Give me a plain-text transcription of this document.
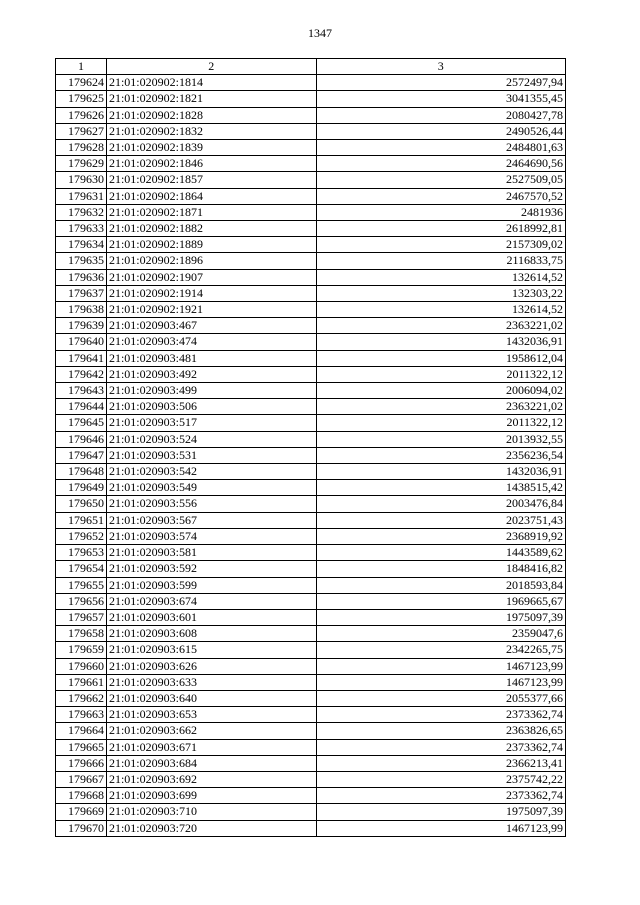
1347
1	2	3
179624	21:01:020902:1814	2572497,94
179625	21:01:020902:1821	3041355,45
179626	21:01:020902:1828	2080427,78
179627	21:01:020902:1832	2490526,44
179628	21:01:020902:1839	2484801,63
179629	21:01:020902:1846	2464690,56
179630	21:01:020902:1857	2527509,05
179631	21:01:020902:1864	2467570,52
179632	21:01:020902:1871	2481936
179633	21:01:020902:1882	2618992,81
179634	21:01:020902:1889	2157309,02
179635	21:01:020902:1896	2116833,75
179636	21:01:020902:1907	132614,52
179637	21:01:020902:1914	132303,22
179638	21:01:020902:1921	132614,52
179639	21:01:020903:467	2363221,02
179640	21:01:020903:474	1432036,91
179641	21:01:020903:481	1958612,04
179642	21:01:020903:492	2011322,12
179643	21:01:020903:499	2006094,02
179644	21:01:020903:506	2363221,02
179645	21:01:020903:517	2011322,12
179646	21:01:020903:524	2013932,55
179647	21:01:020903:531	2356236,54
179648	21:01:020903:542	1432036,91
179649	21:01:020903:549	1438515,42
179650	21:01:020903:556	2003476,84
179651	21:01:020903:567	2023751,43
179652	21:01:020903:574	2368919,92
179653	21:01:020903:581	1443589,62
179654	21:01:020903:592	1848416,82
179655	21:01:020903:599	2018593,84
179656	21:01:020903:674	1969665,67
179657	21:01:020903:601	1975097,39
179658	21:01:020903:608	2359047,6
179659	21:01:020903:615	2342265,75
179660	21:01:020903:626	1467123,99
179661	21:01:020903:633	1467123,99
179662	21:01:020903:640	2055377,66
179663	21:01:020903:653	2373362,74
179664	21:01:020903:662	2363826,65
179665	21:01:020903:671	2373362,74
179666	21:01:020903:684	2366213,41
179667	21:01:020903:692	2375742,22
179668	21:01:020903:699	2373362,74
179669	21:01:020903:710	1975097,39
179670	21:01:020903:720	1467123,99
